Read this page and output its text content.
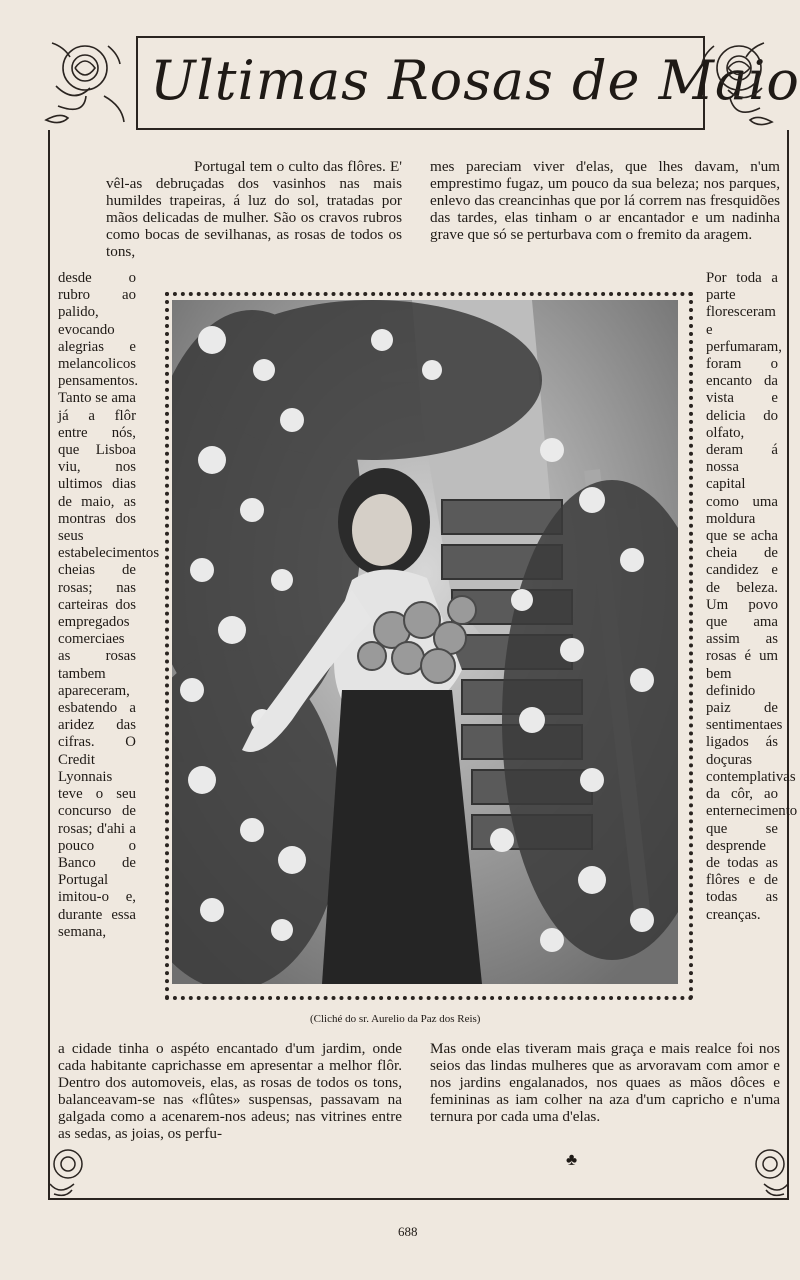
Ultimas Rosas de Maio

Portugal tem o culto das flôres. E' vêl-as debruçadas dos vasinhos nas mais humildes trapeiras, á luz do sol, tratadas por mãos delicadas de mulher. São os cravos rubros como bocas de sevilhanas, as rosas de todos os tons,

mes pareciam viver d'elas, que lhes davam, n'um emprestimo fugaz, um pouco da sua beleza; nos parques, enlevo das creancinhas que por lá correm nas fresquidões das tardes, elas tinham o ar encantador e um nadinha grave que só se perturbava com o fremito da aragem.

desde o rubro ao palido, evocando alegrias e melancolicos pensamentos. Tanto se ama já a flôr entre nós, que Lisboa viu, nos ultimos dias de maio, as montras dos seus estabelecimentos cheias de rosas; nas carteiras dos empregados comerciaes as rosas tambem apareceram, esbatendo a aridez das cifras. O Credit Lyonnais teve o seu concurso de rosas; d'ahi a pouco o Banco de Portugal imitou-o e, durante essa semana,
Por toda a parte floresceram e perfumaram, foram o encanto da vista e delicia do olfato, deram á nossa capital como uma moldura que se acha cheia de candidez e de beleza. Um povo que ama assim as rosas é um bem definido paiz de sentimentaes ligados ás doçuras contemplativas da côr, ao enternecimento que se desprende de todas as flôres e de todas as creanças.
(Cliché do sr. Aurelio da Paz dos Reis)
a cidade tinha o aspéto encantado d'um jardim, onde cada habitante caprichasse em apresentar a melhor flôr. Dentro dos automoveis, elas, as rosas de todos os tons, balanceavam-se nas «flûtes» suspensas, passavam na galgada como a acenarem-nos adeus; nas vitrines entre as sedas, as joias, os perfu-
Mas onde elas tiveram mais graça e mais realce foi nos seios das lindas mulheres que as arvoravam com amor e nos jardins engalanados, nos quaes as mãos dôces e femininas as iam colher na aza d'um capricho e n'uma ternura por cada uma d'elas.
♣
688
